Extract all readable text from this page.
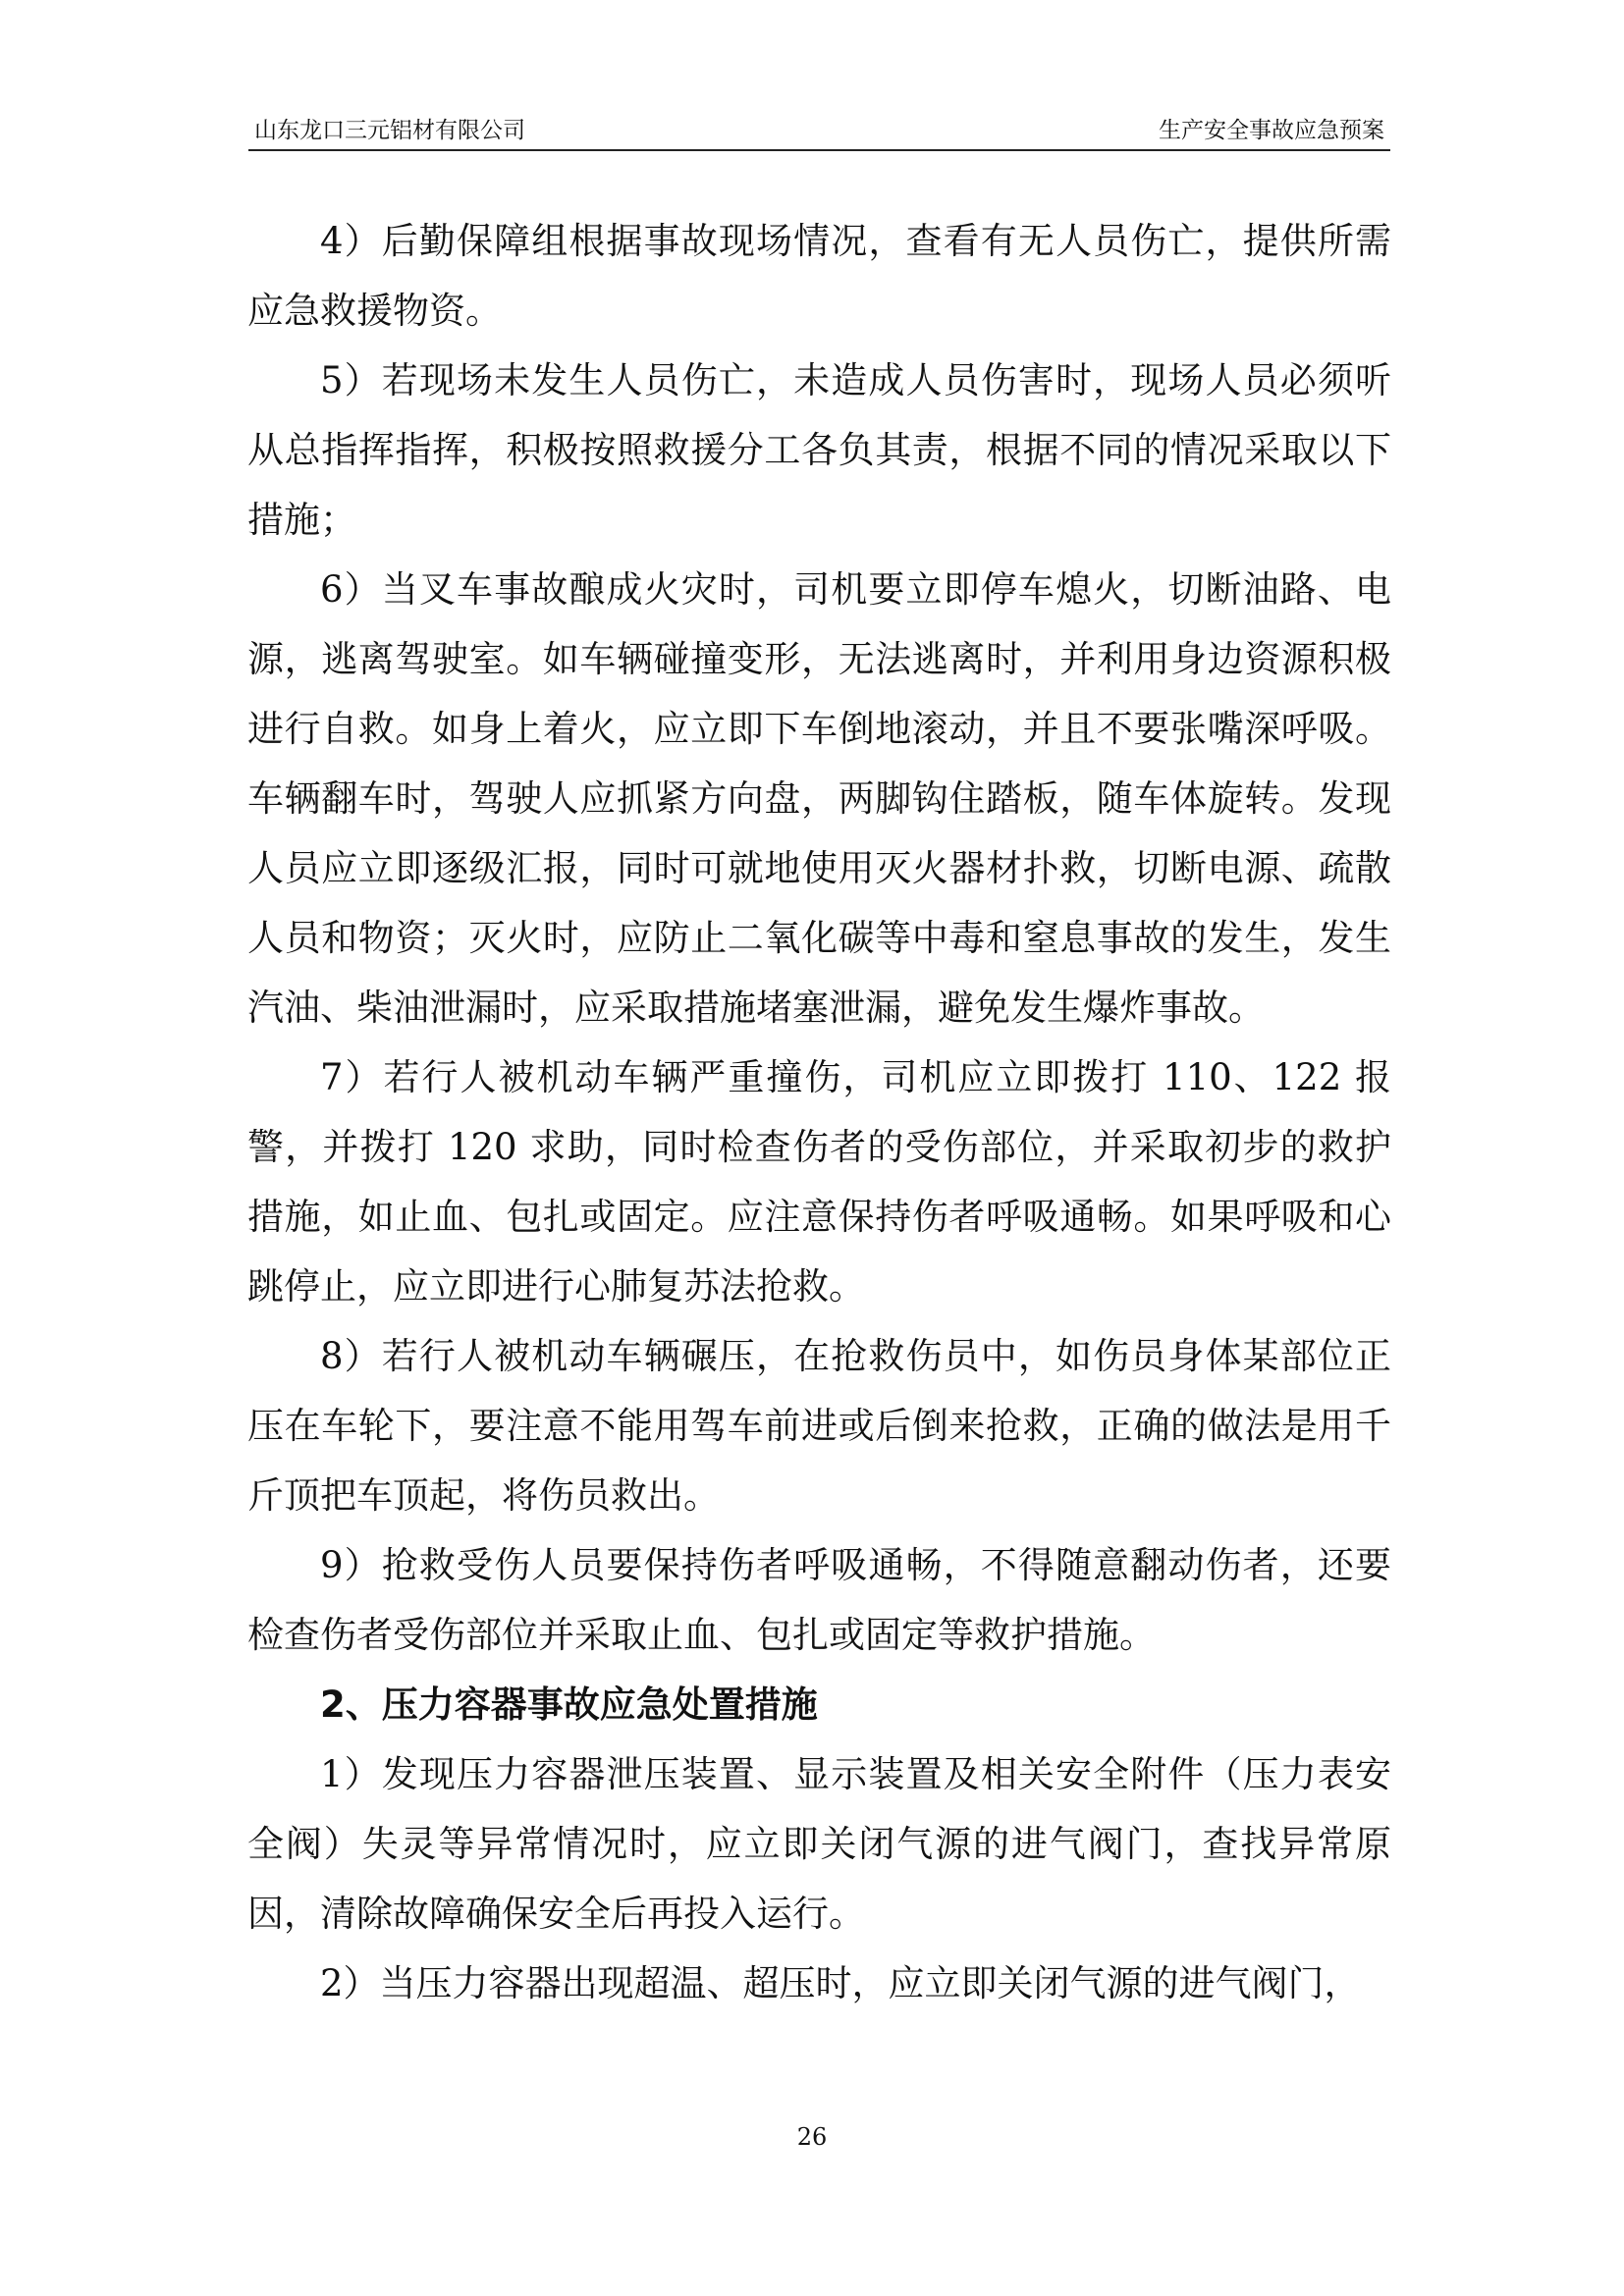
山东龙口三元铝材有限公司	生产安全事故应急预案

4）后勤保障组根据事故现场情况，查看有无人员伤亡，提供所需应急救援物资。

5）若现场未发生人员伤亡，未造成人员伤害时，现场人员必须听从总指挥指挥，积极按照救援分工各负其责，根据不同的情况采取以下措施；

6）当叉车事故酿成火灾时，司机要立即停车熄火，切断油路、电源，逃离驾驶室。如车辆碰撞变形，无法逃离时，并利用身边资源积极进行自救。如身上着火，应立即下车倒地滚动，并且不要张嘴深呼吸。车辆翻车时，驾驶人应抓紧方向盘，两脚钩住踏板，随车体旋转。发现人员应立即逐级汇报，同时可就地使用灭火器材扑救，切断电源、疏散人员和物资；灭火时，应防止二氧化碳等中毒和窒息事故的发生，发生汽油、柴油泄漏时，应采取措施堵塞泄漏，避免发生爆炸事故。

7）若行人被机动车辆严重撞伤，司机应立即拨打 110、122 报警，并拨打 120 求助，同时检查伤者的受伤部位，并采取初步的救护措施，如止血、包扎或固定。应注意保持伤者呼吸通畅。如果呼吸和心跳停止，应立即进行心肺复苏法抢救。

8）若行人被机动车辆碾压，在抢救伤员中，如伤员身体某部位正压在车轮下，要注意不能用驾车前进或后倒来抢救，正确的做法是用千斤顶把车顶起，将伤员救出。

9）抢救受伤人员要保持伤者呼吸通畅，不得随意翻动伤者，还要检查伤者受伤部位并采取止血、包扎或固定等救护措施。

2、压力容器事故应急处置措施

1）发现压力容器泄压装置、显示装置及相关安全附件（压力表安全阀）失灵等异常情况时，应立即关闭气源的进气阀门，查找异常原因，清除故障确保安全后再投入运行。

2）当压力容器出现超温、超压时，应立即关闭气源的进气阀门，

26
